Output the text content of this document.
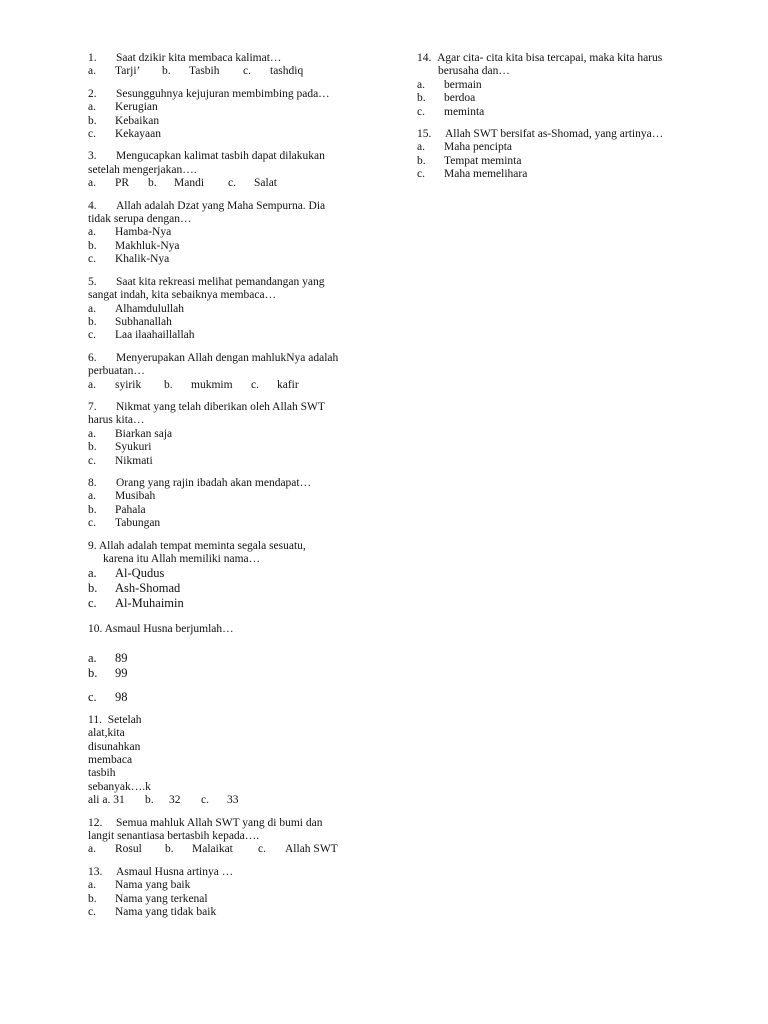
1. Saat dzikir kita membaca kalimat…
a. Tarji’ b. Tasbih c. tashdiq
2. Sesungguhnya kejujuran membimbing pada…
a. Kerugian
b. Kebaikan
c. Kekayaan
3. Mengucapkan kalimat tasbih dapat dilakukan
setelah mengerjakan….
a. PR b. Mandi c. Salat
4. Allah adalah Dzat yang Maha Sempurna. Dia
tidak serupa dengan…
a. Hamba-Nya
b. Makhluk-Nya
c. Khalik-Nya
5. Saat kita rekreasi melihat pemandangan yang
sangat indah, kita sebaiknya membaca…
a. Alhamdulullah
b. Subhanallah
c. Laa ilaahaillallah
6. Menyerupakan Allah dengan mahlukNya adalah
perbuatan…
a. syirik b. mukmim c. kafir
7. Nikmat yang telah diberikan oleh Allah SWT
harus kita…
a. Biarkan saja
b. Syukuri
c. Nikmati
8. Orang yang rajin ibadah akan mendapat…
a. Musibah
b. Pahala
c. Tabungan
9. Allah adalah tempat meminta segala sesuatu,
karena itu Allah memiliki nama…
a. Al-Qudus
b. Ash-Shomad
c. Al-Muhaimin
10. Asmaul Husna berjumlah…
a. 89
b. 99
c. 98
11. Setelah
alat,kita
disunahkan
membaca
tasbih
sebanyak….k
ali a. 31 b. 32 c. 33
12. Semua mahluk Allah SWT yang di bumi dan
langit senantiasa bertasbih kepada….
a. Rosul b. Malaikat c. Allah SWT
13. Asmaul Husna artinya …
a. Nama yang baik
b. Nama yang terkenal
c. Nama yang tidak baik
14. Agar cita- cita kita bisa tercapai, maka kita harus
berusaha dan…
a. bermain
b. berdoa
c. meminta
15. Allah SWT bersifat as-Shomad, yang artinya…
a. Maha pencipta
b. Tempat meminta
c. Maha memelihara
